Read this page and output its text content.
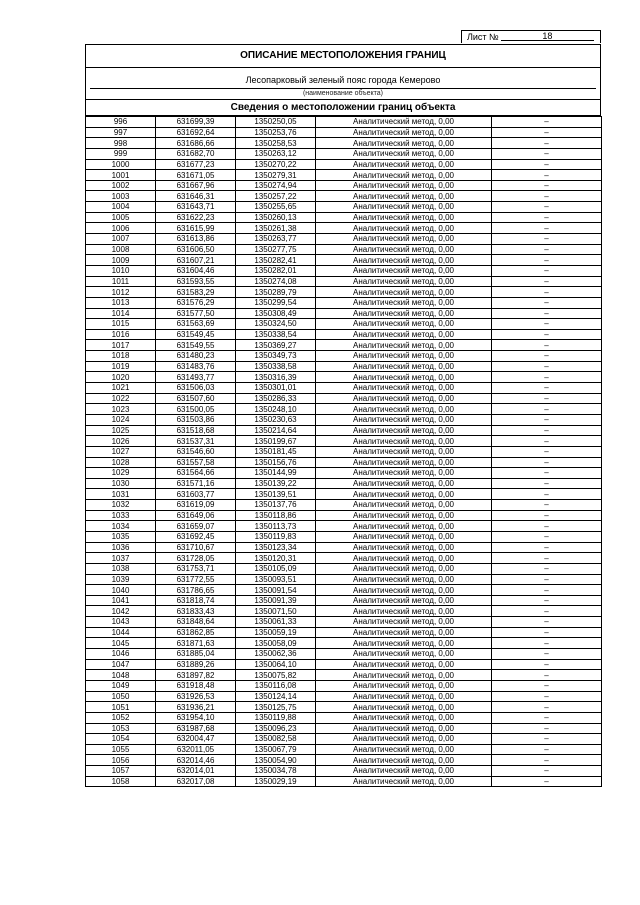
Лист №	18
ОПИСАНИЕ МЕСТОПОЛОЖЕНИЯ ГРАНИЦ
Лесопарковый зеленый пояс города Кемерово
(наименование объекта)
Сведения о местоположении границ объекта
996	631699,39	1350250,05	Аналитический метод, 0,00	–
997	631692,64	1350253,76	Аналитический метод, 0,00	–
998	631686,66	1350258,53	Аналитический метод, 0,00	–
999	631682,70	1350263,12	Аналитический метод, 0,00	–
1000	631677,23	1350270,22	Аналитический метод, 0,00	–
1001	631671,05	1350279,31	Аналитический метод, 0,00	–
1002	631667,96	1350274,94	Аналитический метод, 0,00	–
1003	631646,31	1350257,22	Аналитический метод, 0,00	–
1004	631643,71	1350255,65	Аналитический метод, 0,00	–
1005	631622,23	1350260,13	Аналитический метод, 0,00	–
1006	631615,99	1350261,38	Аналитический метод, 0,00	–
1007	631613,86	1350263,77	Аналитический метод, 0,00	–
1008	631606,50	1350277,75	Аналитический метод, 0,00	–
1009	631607,21	1350282,41	Аналитический метод, 0,00	–
1010	631604,46	1350282,01	Аналитический метод, 0,00	–
1011	631593,55	1350274,08	Аналитический метод, 0,00	–
1012	631583,29	1350289,79	Аналитический метод, 0,00	–
1013	631576,29	1350299,54	Аналитический метод, 0,00	–
1014	631577,50	1350308,49	Аналитический метод, 0,00	–
1015	631563,69	1350324,50	Аналитический метод, 0,00	–
1016	631549,45	1350338,54	Аналитический метод, 0,00	–
1017	631549,55	1350369,27	Аналитический метод, 0,00	–
1018	631480,23	1350349,73	Аналитический метод, 0,00	–
1019	631483,76	1350338,58	Аналитический метод, 0,00	–
1020	631493,77	1350316,39	Аналитический метод, 0,00	–
1021	631506,03	1350301,01	Аналитический метод, 0,00	–
1022	631507,60	1350286,33	Аналитический метод, 0,00	–
1023	631500,05	1350248,10	Аналитический метод, 0,00	–
1024	631503,86	1350230,63	Аналитический метод, 0,00	–
1025	631518,68	1350214,64	Аналитический метод, 0,00	–
1026	631537,31	1350199,67	Аналитический метод, 0,00	–
1027	631546,60	1350181,45	Аналитический метод, 0,00	–
1028	631557,58	1350156,76	Аналитический метод, 0,00	–
1029	631564,66	1350144,99	Аналитический метод, 0,00	–
1030	631571,16	1350139,22	Аналитический метод, 0,00	–
1031	631603,77	1350139,51	Аналитический метод, 0,00	–
1032	631619,09	1350137,76	Аналитический метод, 0,00	–
1033	631649,06	1350118,86	Аналитический метод, 0,00	–
1034	631659,07	1350113,73	Аналитический метод, 0,00	–
1035	631692,45	1350119,83	Аналитический метод, 0,00	–
1036	631710,67	1350123,34	Аналитический метод, 0,00	–
1037	631728,05	1350120,31	Аналитический метод, 0,00	–
1038	631753,71	1350105,09	Аналитический метод, 0,00	–
1039	631772,55	1350093,51	Аналитический метод, 0,00	–
1040	631786,65	1350091,54	Аналитический метод, 0,00	–
1041	631818,74	1350091,39	Аналитический метод, 0,00	–
1042	631833,43	1350071,50	Аналитический метод, 0,00	–
1043	631848,64	1350061,33	Аналитический метод, 0,00	–
1044	631862,85	1350059,19	Аналитический метод, 0,00	–
1045	631871,63	1350058,09	Аналитический метод, 0,00	–
1046	631885,04	1350062,36	Аналитический метод, 0,00	–
1047	631889,26	1350064,10	Аналитический метод, 0,00	–
1048	631897,82	1350075,82	Аналитический метод, 0,00	–
1049	631918,48	1350116,08	Аналитический метод, 0,00	–
1050	631926,53	1350124,14	Аналитический метод, 0,00	–
1051	631936,21	1350125,75	Аналитический метод, 0,00	–
1052	631954,10	1350119,88	Аналитический метод, 0,00	–
1053	631987,68	1350096,23	Аналитический метод, 0,00	–
1054	632004,47	1350082,58	Аналитический метод, 0,00	–
1055	632011,05	1350067,79	Аналитический метод, 0,00	–
1056	632014,46	1350054,90	Аналитический метод, 0,00	–
1057	632014,01	1350034,78	Аналитический метод, 0,00	–
1058	632017,08	1350029,19	Аналитический метод, 0,00	–
